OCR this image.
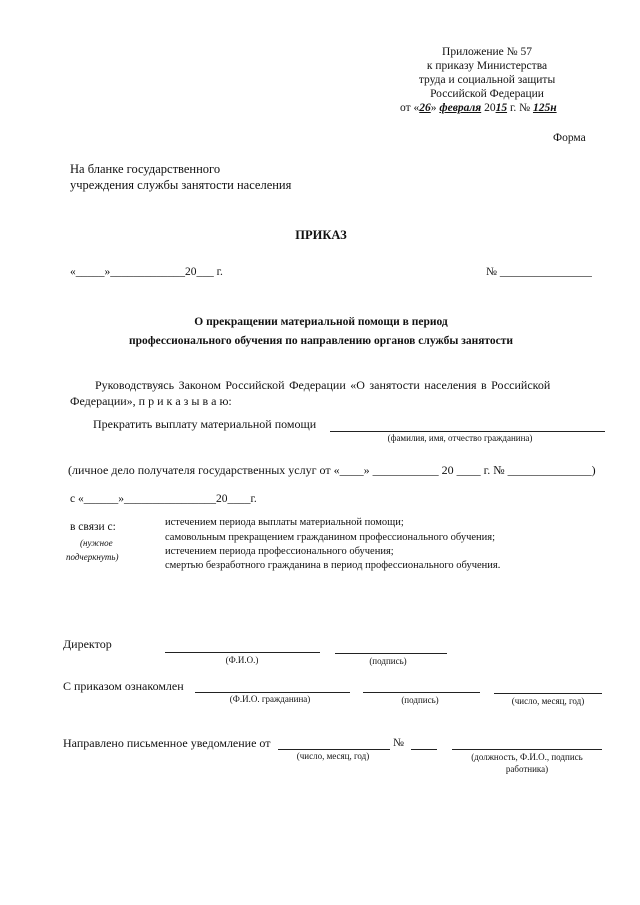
Приложение № 57
к приказу Министерства
труда и социальной защиты
Российской Федерации
от «26» февраля 2015 г. № 125н
Форма
На бланке государственного
учреждения службы занятости населения
ПРИКАЗ
«_____»_____________20___ г.	№ ________________
О прекращении материальной помощи в период
профессионального обучения по направлению органов службы занятости
Руководствуясь Законом Российской Федерации «О занятости населения в Российской
Федерации», п р и к а з ы в а ю:
Прекратить выплату материальной помощи
(фамилия, имя, отчество гражданина)
(личное дело получателя государственных услуг от «____» ___________ 20 ____ г. № ______________)
с «______»________________20____г.
в связи с:
(нужное
подчеркнуть)
истечением периода выплаты материальной помощи;
самовольным прекращением гражданином профессионального обучения;
истечением периода профессионального обучения;
смертью безработного гражданина в период профессионального обучения.
Директор
(Ф.И.О.)	(подпись)
С приказом ознакомлен
(Ф.И.О. гражданина)	(подпись)	(число, месяц, год)
Направлено письменное уведомление от	№
(число, месяц, год)	(должность, Ф.И.О., подпись
работника)
